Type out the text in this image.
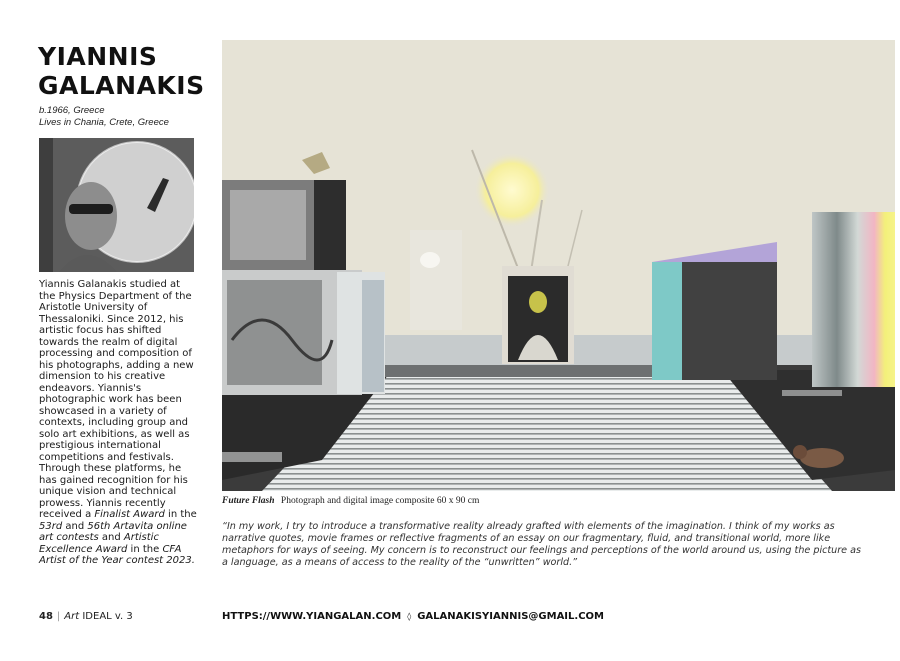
YIANNIS
GALANAKIS
b.1966, Greece
Lives in Chania, Crete, Greece
Yiannis Galanakis studied at the Physics Department of the Aristotle University of Thessaloniki. Since 2012, his artistic focus has shifted towards the realm of digital processing and composition of his photographs, adding a new dimension to his creative endeavors. Yiannis's photographic work has been showcased in a variety of contexts, including group and solo art exhibitions, as well as prestigious international competitions and festivals. Through these platforms, he has gained recognition for his unique vision and technical prowess. Yiannis recently received a Finalist Award in the 53rd and 56th Artavita online art contests and Artistic Excellence Award in the CFA Artist of the Year contest 2023.
Future Flash Photograph and digital image composite 60 x 90 cm
“In my work, I try to introduce a transformative reality already grafted with elements of the imagination. I think of my works as narrative quotes, movie frames or reflective fragments of an essay on our fragmentary, fluid, and transitional world, more like metaphors for ways of seeing. My concern is to reconstruct our feelings and perceptions of the world around us, using the picture as a language, as a means of access to the reality of the “unwritten” world.”
48 | Art IDEAL v. 3	HTTPS://WWW.YIANGALAN.COM ◊ GALANAKISYIANNIS@GMAIL.COM
